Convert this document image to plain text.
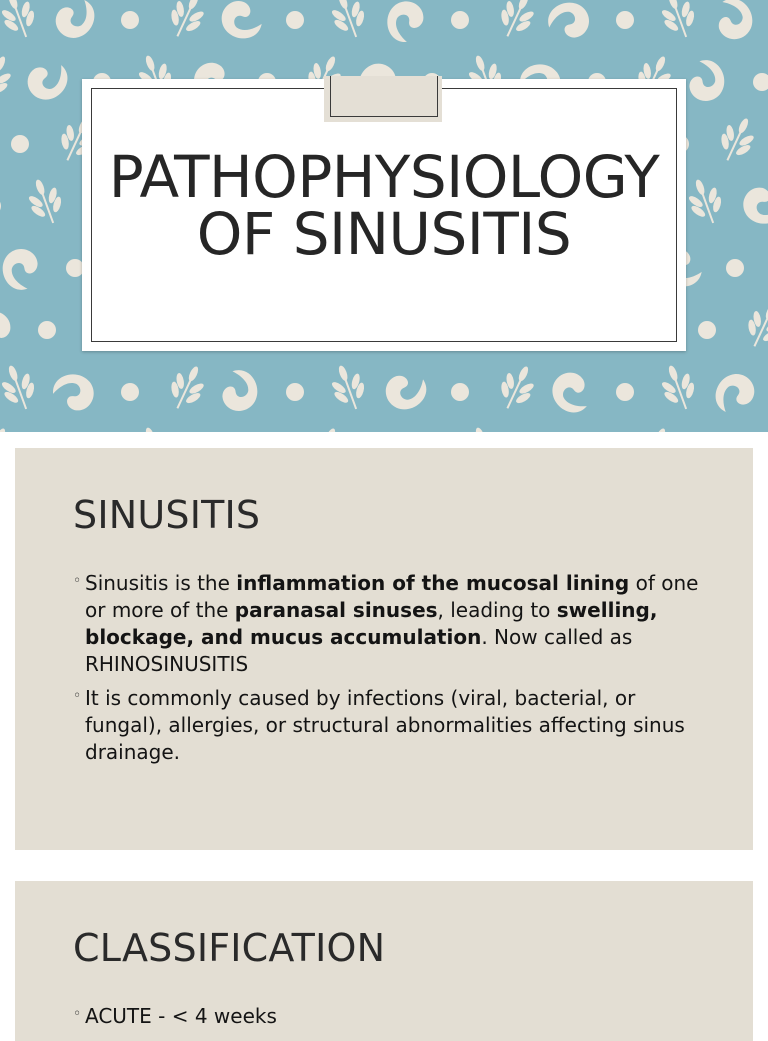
PATHOPHYSIOLOGY
OF SINUSITIS
SINUSITIS
◦ Sinusitis is the inflammation of the mucosal lining of one or more of the paranasal sinuses, leading to swelling, blockage, and mucus accumulation. Now called as RHINOSINUSITIS
◦ It is commonly caused by infections (viral, bacterial, or fungal), allergies, or structural abnormalities affecting sinus drainage.
CLASSIFICATION
◦ ACUTE - < 4 weeks
